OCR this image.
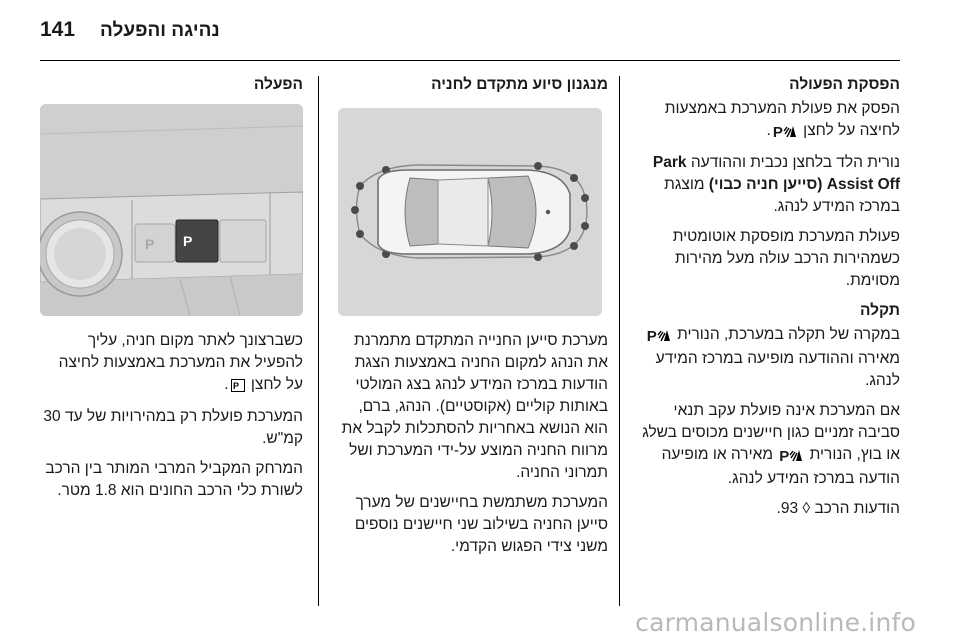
141 נהיגה והפעלה
הפסקת הפעולה

הפסק את פעולת המערכת באמצעות לחיצה על לחצן P.

נורית הלד בלחצן נכבית וההודעה Park Assist Off (סייען חניה כבוי) מוצגת במרכז המידע לנהג.

פעולת המערכת מופסקת אוטומטית כשמהירות הרכב עולה מעל מהירות מסוימת.

תקלה

במקרה של תקלה במערכת, הנורית P מאירה וההודעה מופיעה במרכז המידע לנהג.

אם המערכת אינה פועלת עקב תנאי סביבה זמניים כגון חיישנים מכוסים בשלג או בוץ, הנורית P מאירה או מופיעה הודעה במרכז המידע לנהג.

הודעות הרכב ◊ 93.

מנגנון סיוע מתקדם לחניה

מערכת סייען החנייה המתקדם מתמרנת את הנהג למקום החניה באמצעות הצגת הודעות במרכז המידע לנהג בצג המולטי באותות קוליים (אקוסטיים). הנהג, ברם, הוא הנושא באחריות להסתכלות לקבל את מרווח החניה המוצע על-ידי המערכת ושל תמרוני החניה.

המערכת משתמשת בחיישנים של מערך סייען החניה בשילוב שני חיישנים נוספים משני צידי הפגוש הקדמי.

הפעלה
P P

כשברצונך לאתר מקום חניה, עליך להפעיל את המערכת באמצעות לחיצה על לחצן
P
.

המערכת פועלת רק במהירויות של עד 30 קמ"ש.

המרחק המקביל המרבי המותר בין הרכב לשורת כלי הרכב החונים הוא 1.8 מטר.

carmanualsonline.info
